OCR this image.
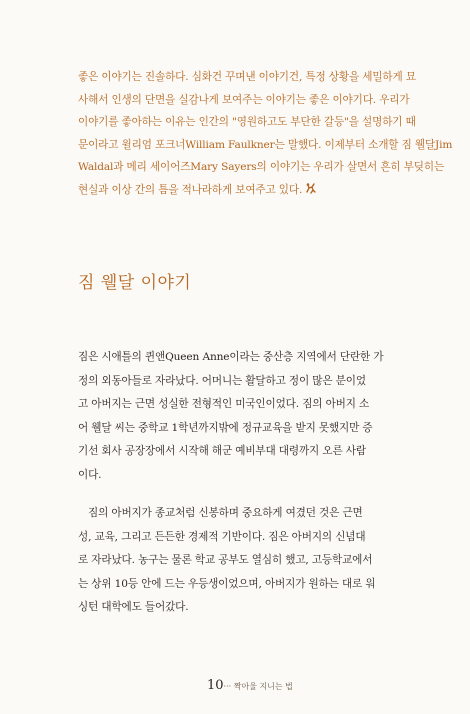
좋은 이야기는 진솔하다. 심화건 꾸며낸 이야기건, 특정 상황을 세밀하게 묘
사해서 인생의 단면을 실감나게 보여주는 이야기는 좋은 이야기다. 우리가
이야기를 좋아하는 이유는 인간의 "영원하고도 부단한 갈등"을 설명하기 때
문이라고 윌리엄 포크너William Faulkner는 말했다. 이제부터 소개할 짐 웰달Jim
Waldal과 메리 세이어즈Mary Sayers의 이야기는 우리가 살면서 흔히 부딪히는
현실과 이상 간의 틈을 적나라하게 보여주고 있다.
짐 웰달 이야기
짐은 시애틀의 퀸앤Queen Anne이라는 중산층 지역에서 단란한 가
정의 외동아들로 자라났다. 어머니는 활달하고 정이 많은 분이었
고 아버지는 근면 성실한 전형적인 미국인이었다. 짐의 아버지 소
어 웰달 씨는 중학교 1학년까지밖에 정규교육을 받지 못했지만 증
기선 회사 공장장에서 시작해 해군 예비부대 대령까지 오른 사람
이다.
짐의 아버지가 종교처럼 신봉하며 중요하게 여겼던 것은 근면
성, 교육, 그리고 든든한 경제적 기반이다. 짐은 아버지의 신념대
로 자라났다. 농구는 물론 학교 공부도 열심히 했고, 고등학교에서
는 상위 10등 안에 드는 우등생이었으며, 아버지가 원하는 대로 워
싱턴 대학에도 들어갔다.
10··· 짝아울 지니는 법
